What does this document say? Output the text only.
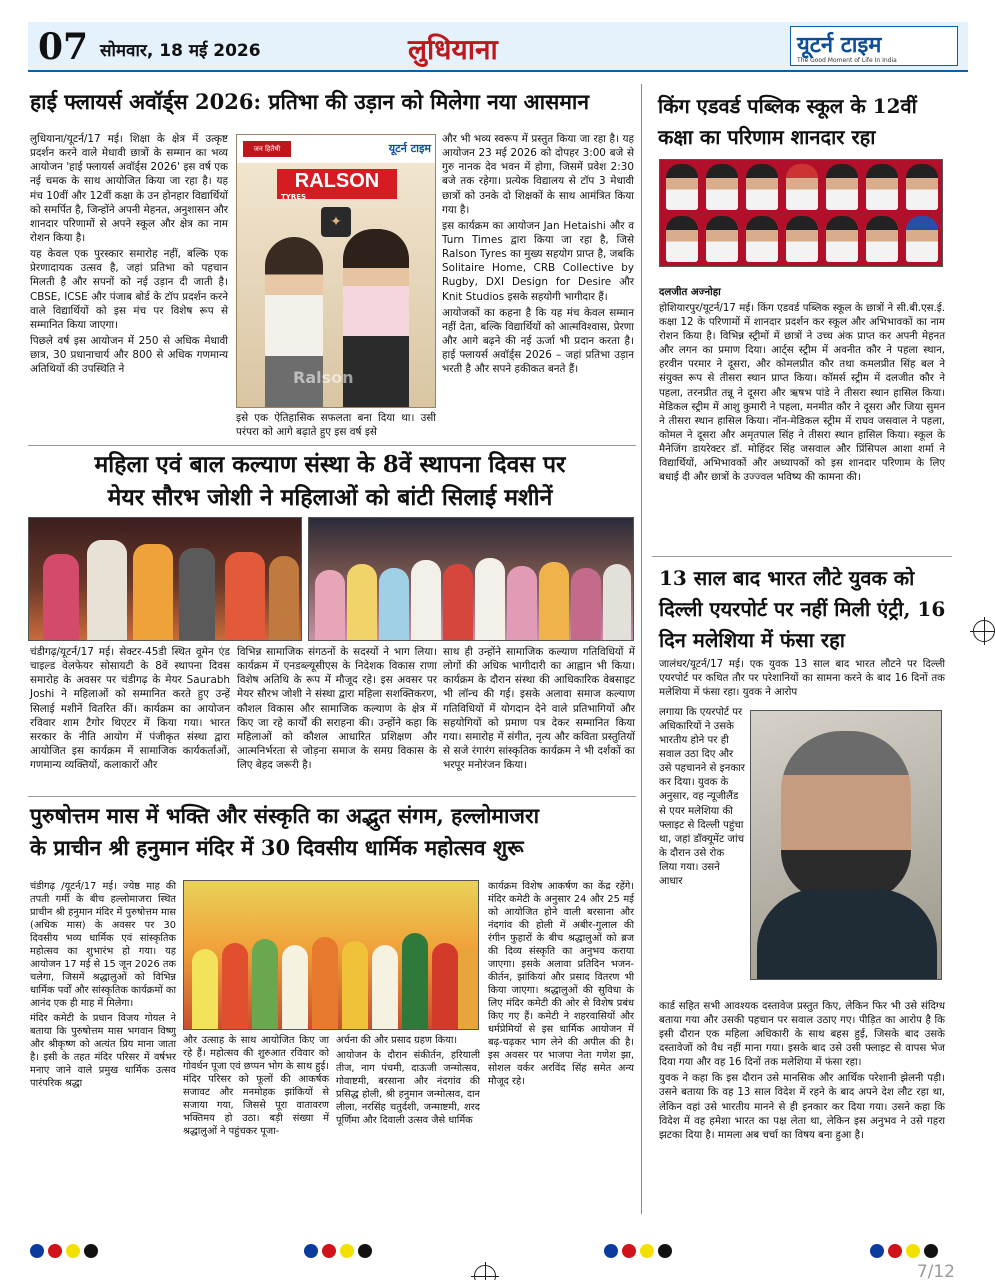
07 सोमवार, 18 मई 2026	लुधियाना	यूटर्न टाइम
The Good Moment of Life In India
हाई फ्लायर्स अवॉर्ड्स 2026: प्रतिभा की उड़ान को मिलेगा नया आसमान

लुधियाना/यूटर्न/17 मई। शिक्षा के क्षेत्र में उत्कृष्ट प्रदर्शन करने वाले मेधावी छात्रों के सम्मान का भव्य आयोजन 'हाई फ्लायर्स अवॉर्ड्स 2026' इस वर्ष एक नई चमक के साथ आयोजित किया जा रहा है। यह मंच 10वीं और 12वीं कक्षा के उन होनहार विद्यार्थियों को समर्पित है, जिन्होंने अपनी मेहनत, अनुशासन और शानदार परिणामों से अपने स्कूल और क्षेत्र का नाम रोशन किया है।

यह केवल एक पुरस्कार समारोह नहीं, बल्कि एक प्रेरणादायक उत्सव है, जहां प्रतिभा को पहचान मिलती है और सपनों को नई उड़ान दी जाती है। CBSE, ICSE और पंजाब बोर्ड के टॉप प्रदर्शन करने वाले विद्यार्थियों को इस मंच पर विशेष रूप से सम्मानित किया जाएगा।

पिछले वर्ष इस आयोजन में 250 से अधिक मेधावी छात्र, 30 प्रधानाचार्य और 800 से अधिक गणमान्य अतिथियों की उपस्थिति ने

जन हितैषी	यूटर्न टाइम
RALSON
TYRES
✦
Ralson

इसे एक ऐतिहासिक सफलता बना दिया था। उसी परंपरा को आगे बढ़ाते हुए इस वर्ष इसे

और भी भव्य स्वरूप में प्रस्तुत किया जा रहा है। यह आयोजन 23 मई 2026 को दोपहर 3:00 बजे से गुरु नानक देव भवन में होगा, जिसमें प्रवेश 2:30 बजे तक रहेगा। प्रत्येक विद्यालय से टॉप 3 मेधावी छात्रों को उनके दो शिक्षकों के साथ आमंत्रित किया गया है।

इस कार्यक्रम का आयोजन Jan Hetaishi और व Turn Times द्वारा किया जा रहा है, जिसे Ralson Tyres का मुख्य सहयोग प्राप्त है, जबकि Solitaire Home, CRB Collective by Rugby, DXI Design for Desire और Knit Studios इसके सहयोगी भागीदार हैं।

आयोजकों का कहना है कि यह मंच केवल सम्मान नहीं देता, बल्कि विद्यार्थियों को आत्मविश्वास, प्रेरणा और आगे बढ़ने की नई ऊर्जा भी प्रदान करता है। हाई फ्लायर्स अवॉर्ड्स 2026 – जहां प्रतिभा उड़ान भरती है और सपने हकीकत बनते हैं।

महिला एवं बाल कल्याण संस्था के 8वें स्थापना दिवस पर
मेयर सौरभ जोशी ने महिलाओं को बांटी सिलाई मशीनें

चंडीगढ़/यूटर्न/17 मई। सेक्टर-45डी स्थित वूमेन एंड चाइल्ड वेलफेयर सोसायटी के 8वें स्थापना दिवस समारोह के अवसर पर चंडीगढ़ के मेयर Saurabh Joshi ने महिलाओं को सम्मानित करते हुए उन्हें सिलाई मशीनें वितरित कीं। कार्यक्रम का आयोजन रविवार शाम टैगोर थिएटर में किया गया। भारत सरकार के नीति आयोग में पंजीकृत संस्था द्वारा आयोजित इस कार्यक्रम में सामाजिक कार्यकर्ताओं, गणमान्य व्यक्तियों, कलाकारों और

विभिन्न सामाजिक संगठनों के सदस्यों ने भाग लिया। कार्यक्रम में एनडब्ल्यूसीएस के निदेशक विकास राणा विशेष अतिथि के रूप में मौजूद रहे। इस अवसर पर मेयर सौरभ जोशी ने संस्था द्वारा महिला सशक्तिकरण, कौशल विकास और सामाजिक कल्याण के क्षेत्र में किए जा रहे कार्यों की सराहना की। उन्होंने कहा कि महिलाओं को कौशल आधारित प्रशिक्षण और आत्मनिर्भरता से जोड़ना समाज के समग्र विकास के लिए बेहद जरूरी है।

साथ ही उन्होंने सामाजिक कल्याण गतिविधियों में लोगों की अधिक भागीदारी का आह्वान भी किया। कार्यक्रम के दौरान संस्था की आधिकारिक वेबसाइट भी लॉन्च की गई। इसके अलावा समाज कल्याण गतिविधियों में योगदान देने वाले प्रतिभागियों और सहयोगियों को प्रमाण पत्र देकर सम्मानित किया गया। समारोह में संगीत, नृत्य और कविता प्रस्तुतियों से सजे रंगारंग सांस्कृतिक कार्यक्रम ने भी दर्शकों का भरपूर मनोरंजन किया।

पुरुषोत्तम मास में भक्ति और संस्कृति का अद्भुत संगम, हल्लोमाजरा
के प्राचीन श्री हनुमान मंदिर में 30 दिवसीय धार्मिक महोत्सव शुरू

चंडीगढ़ /यूटर्न/17 मई। ज्येष्ठ माह की तपती गर्मी के बीच हल्लोमाजरा स्थित प्राचीन श्री हनुमान मंदिर में पुरुषोत्तम मास (अधिक मास) के अवसर पर 30 दिवसीय भव्य धार्मिक एवं सांस्कृतिक महोत्सव का शुभारंभ हो गया। यह आयोजन 17 मई से 15 जून 2026 तक चलेगा, जिसमें श्रद्धालुओं को विभिन्न धार्मिक पर्वों और सांस्कृतिक कार्यक्रमों का आनंद एक ही माह में मिलेगा।

मंदिर कमेटी के प्रधान विजय गोयल ने बताया कि पुरुषोत्तम मास भगवान विष्णु और श्रीकृष्ण को अत्यंत प्रिय माना जाता है। इसी के तहत मंदिर परिसर में वर्षभर मनाए जाने वाले प्रमुख धार्मिक उत्सव पारंपरिक श्रद्धा

और उत्साह के साथ आयोजित किए जा रहे हैं। महोत्सव की शुरुआत रविवार को गोवर्धन पूजा एवं छप्पन भोग के साथ हुई। मंदिर परिसर को फूलों की आकर्षक सजावट और मनमोहक झांकियों से सजाया गया, जिससे पूरा वातावरण भक्तिमय हो उठा। बड़ी संख्या में श्रद्धालुओं ने पहुंचकर पूजा-

अर्चना की और प्रसाद ग्रहण किया।

आयोजन के दौरान संकीर्तन, हरियाली तीज, नाग पंचमी, दाऊजी जन्मोत्सव, गोवाष्टमी, बरसाना और नंदगांव की प्रसिद्ध होली, श्री हनुमान जन्मोत्सव, दान लीला, नरसिंह चतुर्दशी, जन्माष्टमी, शरद पूर्णिमा और दिवाली उत्सव जैसे धार्मिक

कार्यक्रम विशेष आकर्षण का केंद्र रहेंगे। मंदिर कमेटी के अनुसार 24 और 25 मई को आयोजित होने वाली बरसाना और नंदगांव की होली में अबीर-गुलाल की रंगीन फुहारों के बीच श्रद्धालुओं को ब्रज की दिव्य संस्कृति का अनुभव कराया जाएगा। इसके अलावा प्रतिदिन भजन-कीर्तन, झांकियां और प्रसाद वितरण भी किया जाएगा। श्रद्धालुओं की सुविधा के लिए मंदिर कमेटी की ओर से विशेष प्रबंध किए गए हैं। कमेटी ने शहरवासियों और धर्मप्रेमियों से इस धार्मिक आयोजन में बढ़-चढ़कर भाग लेने की अपील की है। इस अवसर पर भाजपा नेता गणेश झा, सोशल वर्कर अरविंद सिंह समेत अन्य मौजूद रहे।

किंग एडवर्ड पब्लिक स्कूल के 12वीं कक्षा का परिणाम शानदार रहा

दलजीत अज्नोहा

होशियारपुर/यूटर्न/17 मई। किंग एडवर्ड पब्लिक स्कूल के छात्रों ने सी.बी.एस.ई. कक्षा 12 के परिणामों में शानदार प्रदर्शन कर स्कूल और अभिभावकों का नाम रोशन किया है। विभिन्न स्ट्रीमों में छात्रों ने उच्च अंक प्राप्त कर अपनी मेहनत और लगन का प्रमाण दिया। आर्ट्स स्ट्रीम में अवनीत कौर ने पहला स्थान, हरवीन परमार ने दूसरा, और कोमलप्रीत कौर तथा कमलप्रीत सिंह बल ने संयुक्त रूप से तीसरा स्थान प्राप्त किया। कॉमर्स स्ट्रीम में दलजीत कौर ने पहला, तरनप्रीत तन्नू ने दूसरा और ऋषभ पांडे ने तीसरा स्थान हासिल किया। मेडिकल स्ट्रीम में आशु कुमारी ने पहला, मनमीत कौर ने दूसरा और जिया सुमन ने तीसरा स्थान हासिल किया। नॉन-मेडिकल स्ट्रीम में राघव जसवाल ने पहला, कोमल ने दूसरा और अमृतपाल सिंह ने तीसरा स्थान हासिल किया। स्कूल के मैनेजिंग डायरेक्टर डॉ. मोहिंदर सिंह जसवाल और प्रिंसिपल आशा शर्मा ने विद्यार्थियों, अभिभावकों और अध्यापकों को इस शानदार परिणाम के लिए बधाई दी और छात्रों के उज्ज्वल भविष्य की कामना की।

13 साल बाद भारत लौटे युवक को दिल्ली एयरपोर्ट पर नहीं मिली एंट्री, 16 दिन मलेशिया में फंसा रहा

जालंधर/यूटर्न/17 मई। एक युवक 13 साल बाद भारत लौटने पर दिल्ली एयरपोर्ट पर कथित तौर पर परेशानियों का सामना करने के बाद 16 दिनों तक मलेशिया में फंसा रहा। युवक ने आरोप

लगाया कि एयरपोर्ट पर अधिकारियों ने उसके भारतीय होने पर ही सवाल उठा दिए और उसे पहचानने से इनकार कर दिया। युवक के अनुसार, वह न्यूजीलैंड से एयर मलेशिया की फ्लाइट से दिल्ली पहुंचा था, जहां डॉक्यूमेंट जांच के दौरान उसे रोक लिया गया। उसने आधार

कार्ड सहित सभी आवश्यक दस्तावेज प्रस्तुत किए, लेकिन फिर भी उसे संदिग्ध बताया गया और उसकी पहचान पर सवाल उठाए गए। पीड़ित का आरोप है कि इसी दौरान एक महिला अधिकारी के साथ बहस हुई, जिसके बाद उसके दस्तावेजों को वैध नहीं माना गया। इसके बाद उसे उसी फ्लाइट से वापस भेज दिया गया और वह 16 दिनों तक मलेशिया में फंसा रहा।

युवक ने कहा कि इस दौरान उसे मानसिक और आर्थिक परेशानी झेलनी पड़ी। उसने बताया कि वह 13 साल विदेश में रहने के बाद अपने देश लौट रहा था, लेकिन वहां उसे भारतीय मानने से ही इनकार कर दिया गया। उसने कहा कि विदेश में वह हमेशा भारत का पक्ष लेता था, लेकिन इस अनुभव ने उसे गहरा झटका दिया है। मामला अब चर्चा का विषय बना हुआ है।

7/12
